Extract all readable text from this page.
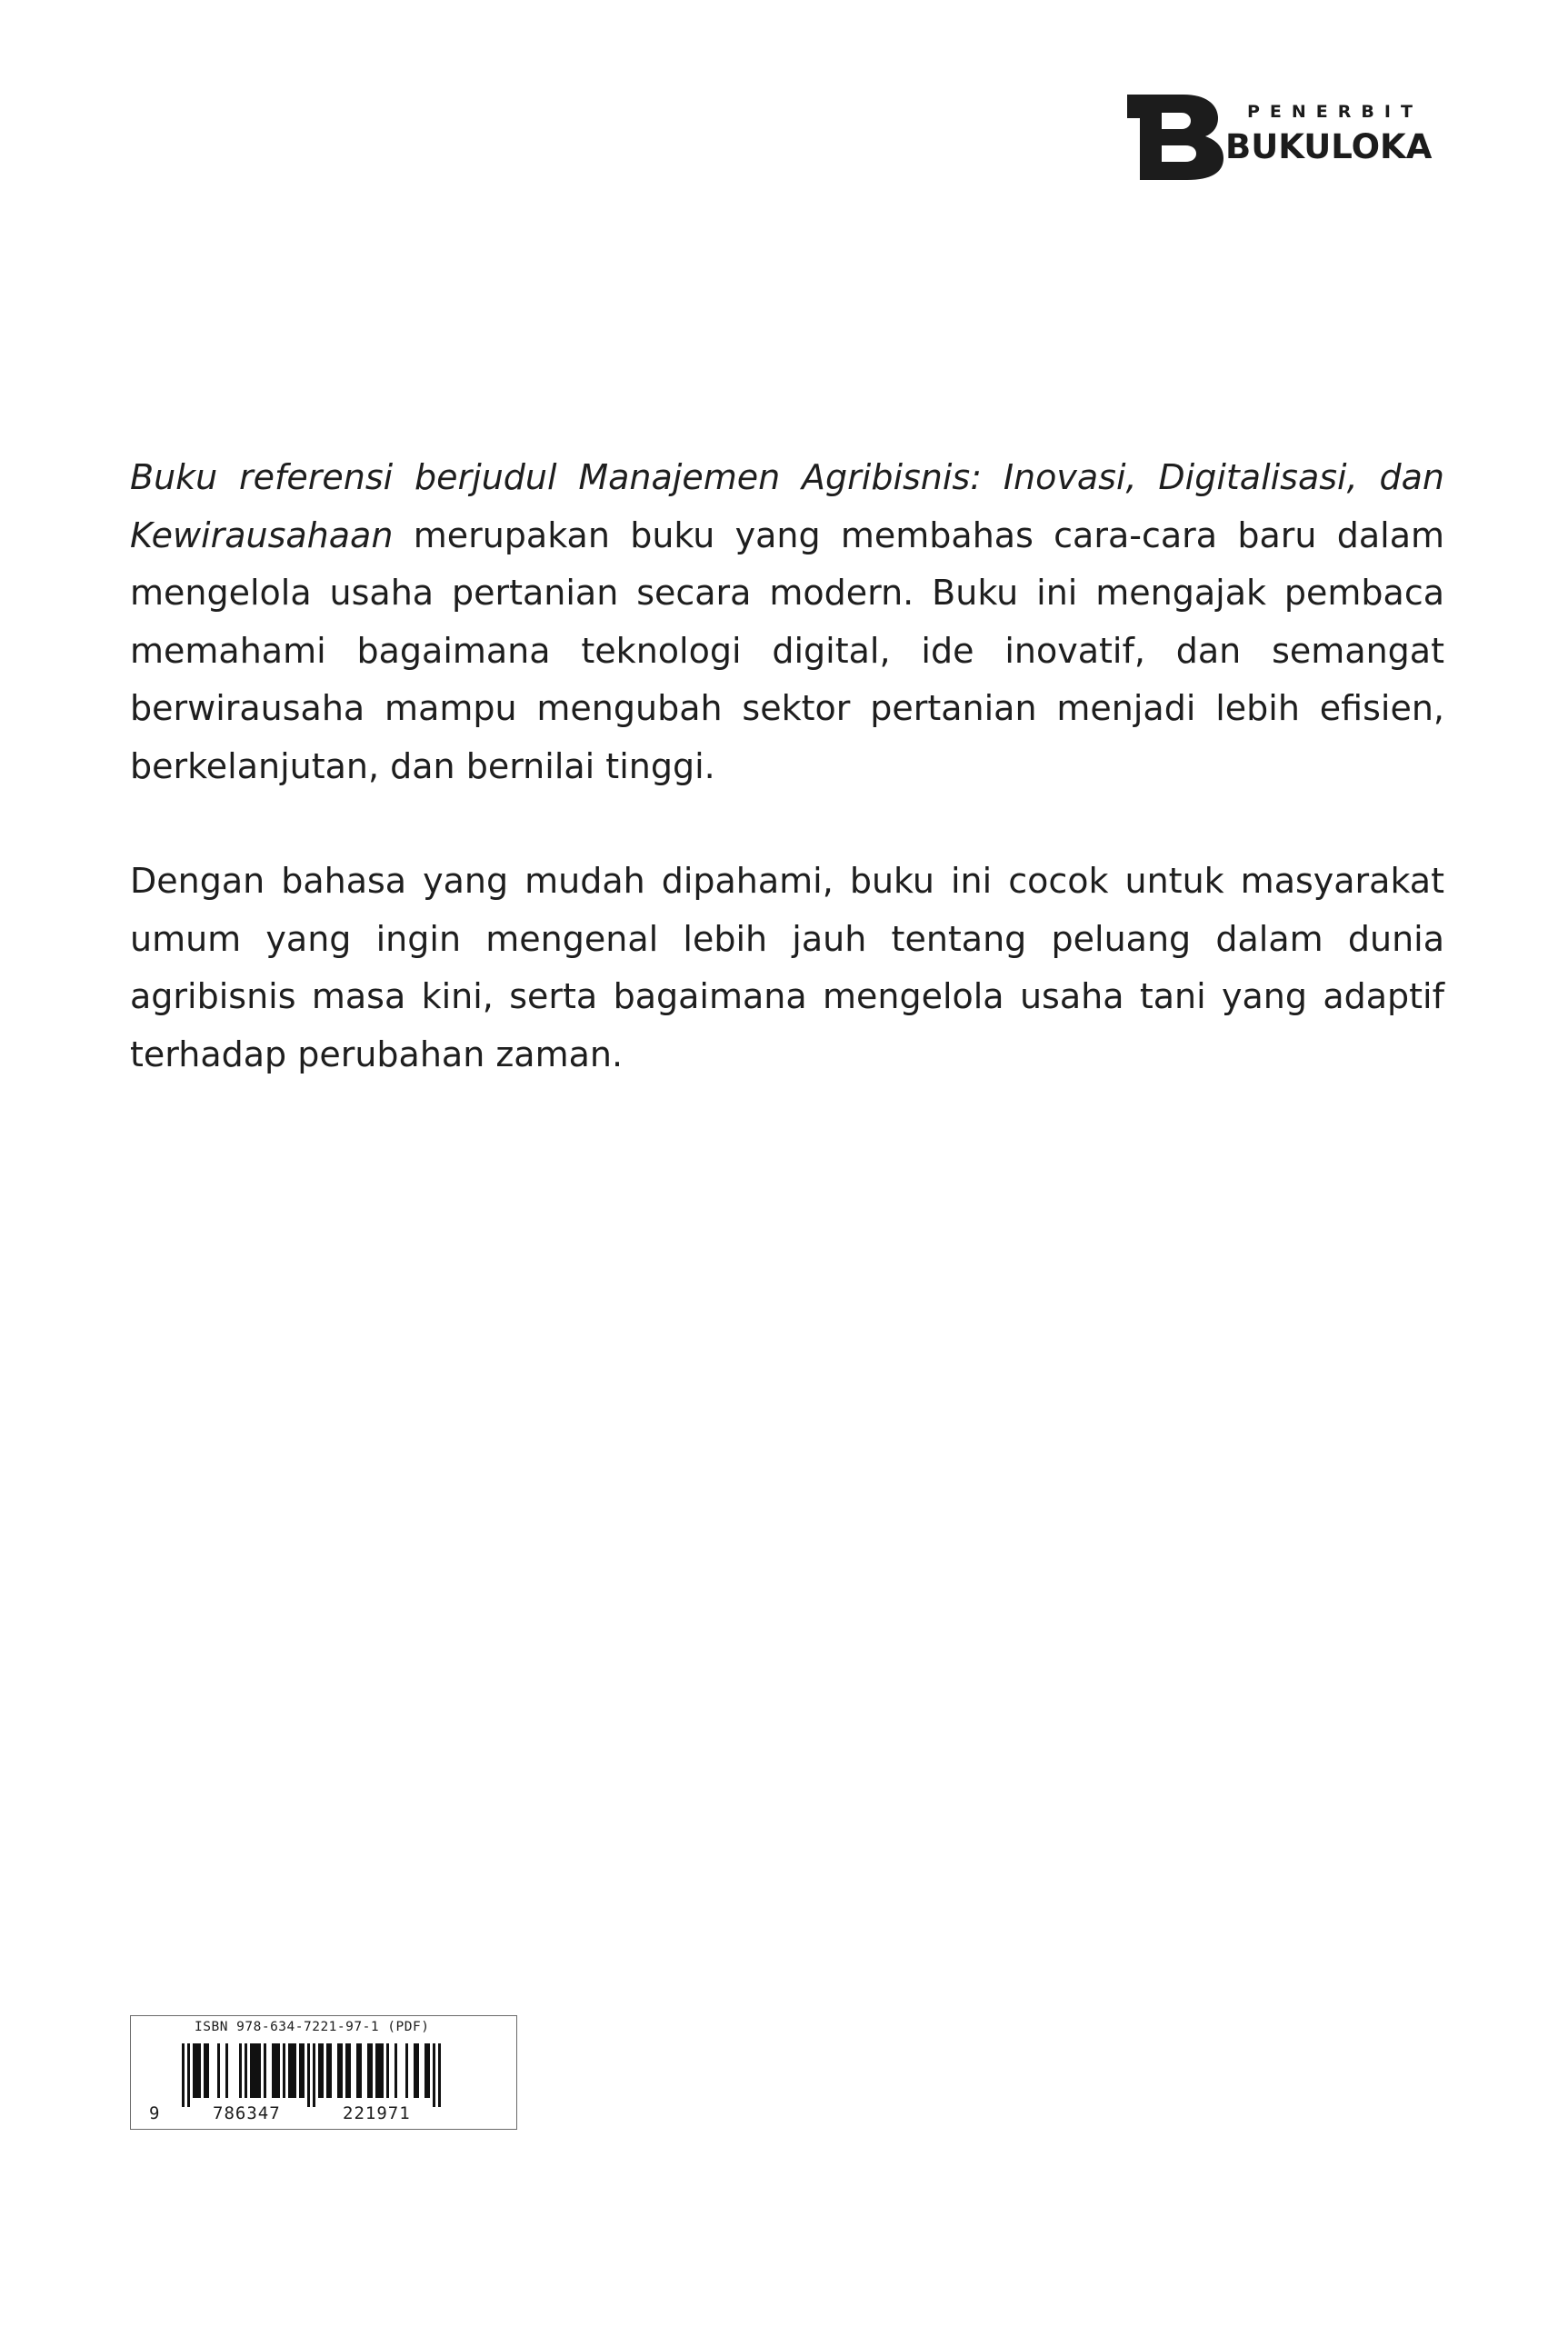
PENERBIT
BUKULOKA

Buku referensi berjudul Manajemen Agribisnis: Inovasi, Digitalisasi, dan Kewirausahaan merupakan buku yang membahas cara-cara baru dalam mengelola usaha pertanian secara modern. Buku ini mengajak pembaca memahami bagaimana teknologi digital, ide inovatif, dan semangat berwirausaha mampu mengubah sektor pertanian menjadi lebih efisien, berkelanjutan, dan bernilai tinggi.

Dengan bahasa yang mudah dipahami, buku ini cocok untuk masyarakat umum yang ingin mengenal lebih jauh tentang peluang dalam dunia agribisnis masa kini, serta bagaimana mengelola usaha tani yang adaptif terhadap perubahan zaman.

ISBN 978-634-7221-97-1 (PDF)
9	786347	221971
